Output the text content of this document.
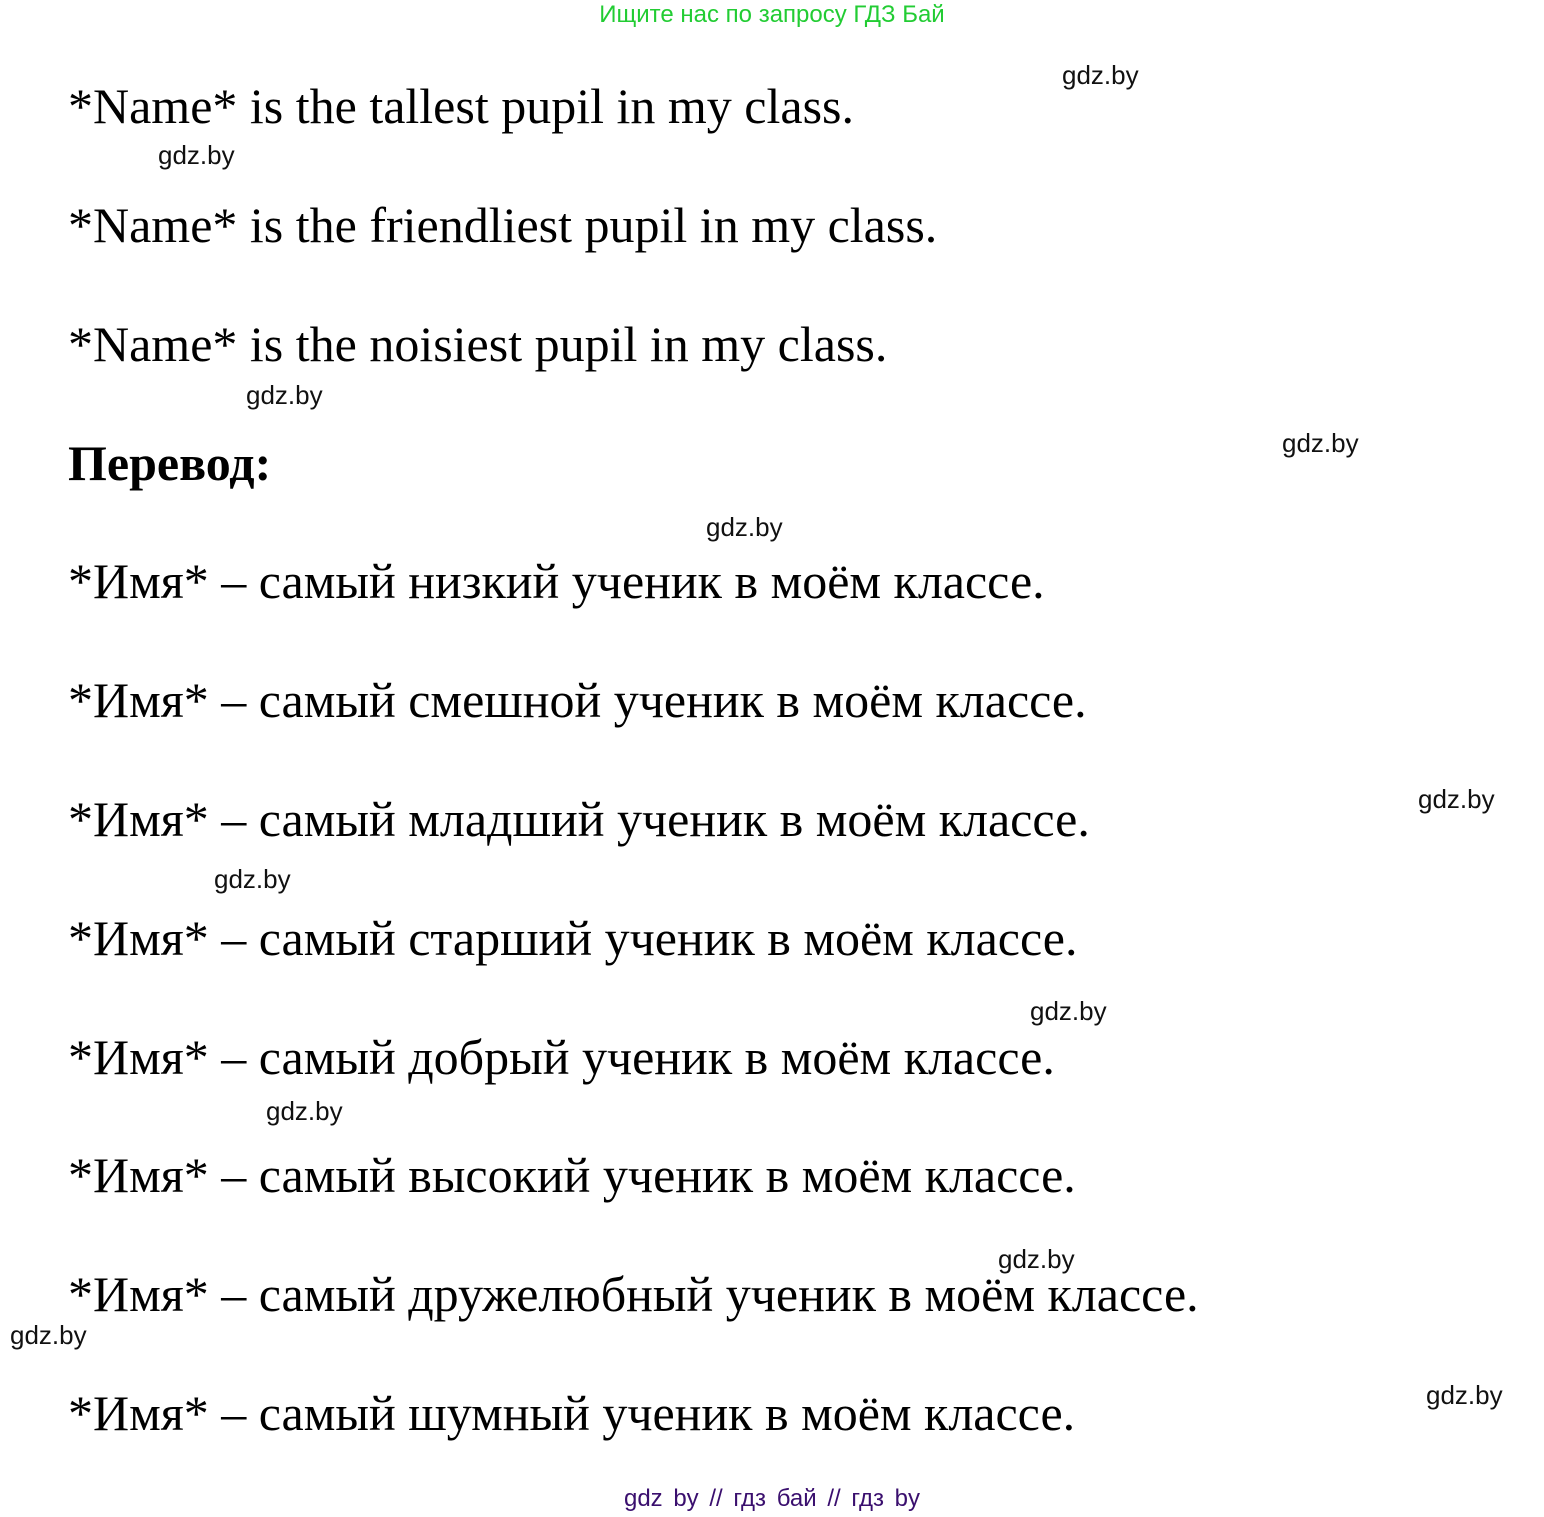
Ищите нас по запросу ГДЗ Бай
*Name* is the tallest pupil in my class.
*Name* is the friendliest pupil in my class.
*Name* is the noisiest pupil in my class.
Перевод:
*Имя* – самый низкий ученик в моём классе.
*Имя* – самый смешной ученик в моём классе.
*Имя* – самый младший ученик в моём классе.
*Имя* – самый старший ученик в моём классе.
*Имя* – самый добрый ученик в моём классе.
*Имя* – самый высокий ученик в моём классе.
*Имя* – самый дружелюбный ученик в моём классе.
*Имя* – самый шумный ученик в моём классе.
gdz.by
gdz.by
gdz.by
gdz.by
gdz.by
gdz.by
gdz.by
gdz.by
gdz.by
gdz.by
gdz.by
gdz.by
gdz by // гдз бай // гдз by
